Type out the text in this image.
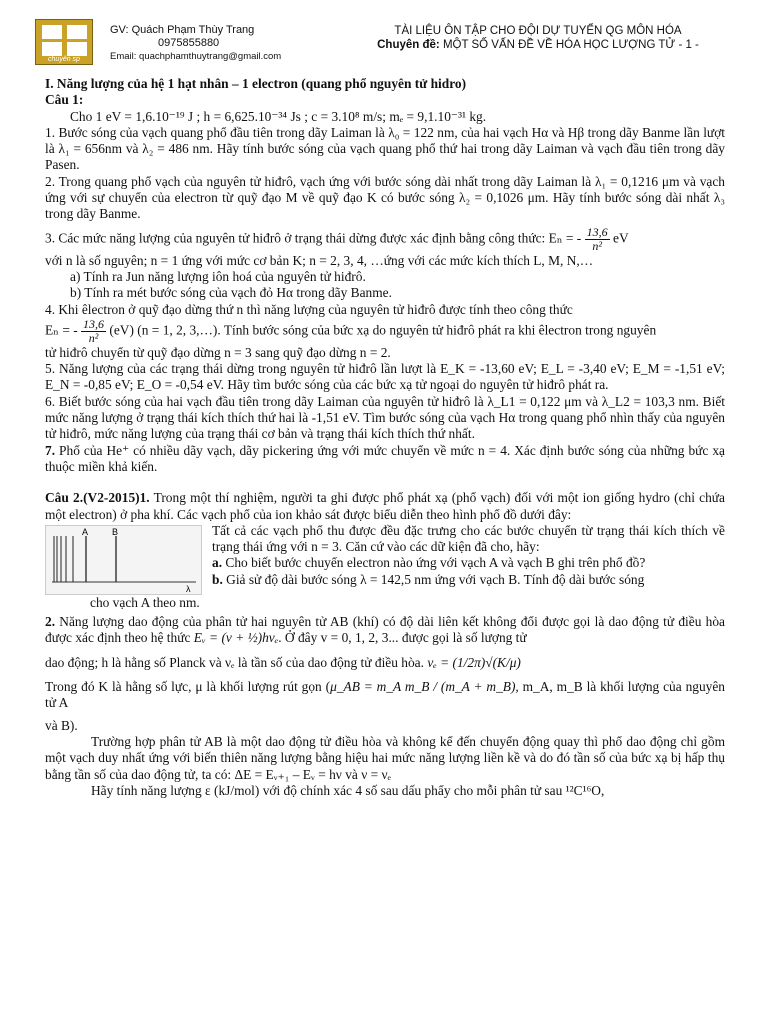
chuyên sp
GV: Quách Phạm Thùy Trang
0975855880
Email: quachphamthuytrang@gmail.com
TÀI LIỆU ÔN TẬP CHO ĐỘI DỰ TUYỂN QG MÔN HÓA
Chuyên đề: MỘT SỐ VẤN ĐỀ VỀ HÓA HỌC LƯỢNG TỬ - 1 -

I. Năng lượng của hệ 1 hạt nhân – 1 electron (quang phổ nguyên tử hidro)

Câu 1:

Cho 1 eV = 1,6.10⁻¹⁹ J ; h = 6,625.10⁻³⁴ Js ; c = 3.10⁸ m/s; mₑ = 9,1.10⁻³¹ kg.

1. Bước sóng của vạch quang phổ đầu tiên trong dãy Laiman là λ₀ = 122 nm, của hai vạch Hα và Hβ trong dãy Banme lần lượt là λ₁ = 656nm và λ₂ = 486 nm. Hãy tính bước sóng của vạch quang phổ thứ hai trong dãy Laiman và vạch đầu tiên trong dãy Pasen.

2. Trong quang phổ vạch của nguyên tử hiđrô, vạch ứng với bước sóng dài nhất trong dãy Laiman là λ₁ = 0,1216 μm và vạch ứng với sự chuyển của electron từ quỹ đạo M về quỹ đạo K có bước sóng λ₂ = 0,1026 μm. Hãy tính bước sóng dài nhất λ₃ trong dãy Banme.

3. Các mức năng lượng của nguyên tử hiđrô ở trạng thái dừng được xác định bằng công thức: Eₙ = - $\frac{13,6}{\text{n²}}$ eV

với n là số nguyên; n = 1 ứng với mức cơ bản K; n = 2, 3, 4, …ứng với các mức kích thích L, M, N,…

a) Tính ra Jun năng lượng iôn hoá của nguyên tử hiđrô.

b) Tính ra mét bước sóng của vạch đỏ Hα trong dãy Banme.

4. Khi êlectron ở quỹ đạo dừng thứ n thì năng lượng của nguyên tử hiđrô được tính theo công thức

Eₙ = - $\frac{13,6}{\text{n²}} (eV) (n = 1$, 2, 3,…). Tính bước sóng của bức xạ do nguyên tử hiđrô phát ra khi êlectron trong nguyên

tử hiđrô chuyển từ quỹ đạo dừng n = 3 sang quỹ đạo dừng n = 2.

5. Năng lượng của các trạng thái dừng trong nguyên tử hiđrô lần lượt là E_K = -13,60 eV; E_L = -3,40 eV; E_M = -1,51 eV; E_N = -0,85 eV; E_O = -0,54 eV. Hãy tìm bước sóng của các bức xạ tử ngoại do nguyên tử hiđrô phát ra.

6. Biết bước sóng của hai vạch đầu tiên trong dãy Laiman của nguyên tử hiđrô là λ_L1 = 0,122 μm và λ_L2 = 103,3 nm. Biết mức năng lượng ở trạng thái kích thích thứ hai là -1,51 eV. Tìm bước sóng của vạch Hα trong quang phổ nhìn thấy của nguyên tử hiđrô, mức năng lượng của trạng thái cơ bản và trạng thái kích thích thứ nhất.

7. Phổ của He⁺ có nhiều dãy vạch, dãy pickering ứng với mức chuyển về mức n = 4. Xác định bước sóng của những bức xạ thuộc miền khả kiến.

Câu 2.(V2-2015)1. Trong một thí nghiệm, người ta ghi được phổ phát xạ (phổ vạch) đối với một ion giống hydro (chỉ chứa một electron) ở pha khí. Các vạch phổ của ion khảo sát được biểu diễn theo hình phổ đồ dưới đây:

A	B
λ

Tất cả các vạch phổ thu được đều đặc trưng cho các bước chuyển từ trạng thái kích thích về trạng thái ứng với n = 3. Căn cứ vào các dữ kiện đã cho, hãy:

a. Cho biết bước chuyển electron nào ứng với vạch A và vạch B ghi trên phổ đồ?

b. Giả sử độ dài bước sóng λ = 142,5 nm ứng với vạch B. Tính độ dài bước sóng

cho vạch A theo nm.

2. Năng lượng dao động của phân tử hai nguyên tử AB (khí) có độ dài liên kết không đổi được gọi là dao động tử điều hòa được xác định theo hệ thức Eᵥ = (v + ½)hνₑ. Ở đây v = 0, 1, 2, 3... được gọi là số lượng tử

dao động; h là hằng số Planck và νₑ là tần số của dao động tử điều hòa. νₑ = (1/2π)√(K/μ)

Trong đó K là hằng số lực, μ là khối lượng rút gọn (μ_AB = m_A m_B / (m_A + m_B), m_A, m_B là khối lượng của nguyên tử A

và B).

Trường hợp phân tử AB là một dao động tử điều hòa và không kể đến chuyển động quay thì phổ dao động chỉ gồm một vạch duy nhất ứng với biến thiên năng lượng bằng hiệu hai mức năng lượng liền kề và do đó tần số của bức xạ bị hấp thụ bằng tần số của dao động tử, ta có: ΔE = Eᵥ₊₁ – Eᵥ = hν và ν = νₑ

Hãy tính năng lượng ε (kJ/mol) với độ chính xác 4 số sau dấu phẩy cho mỗi phân tử sau ¹²C¹⁶O,
